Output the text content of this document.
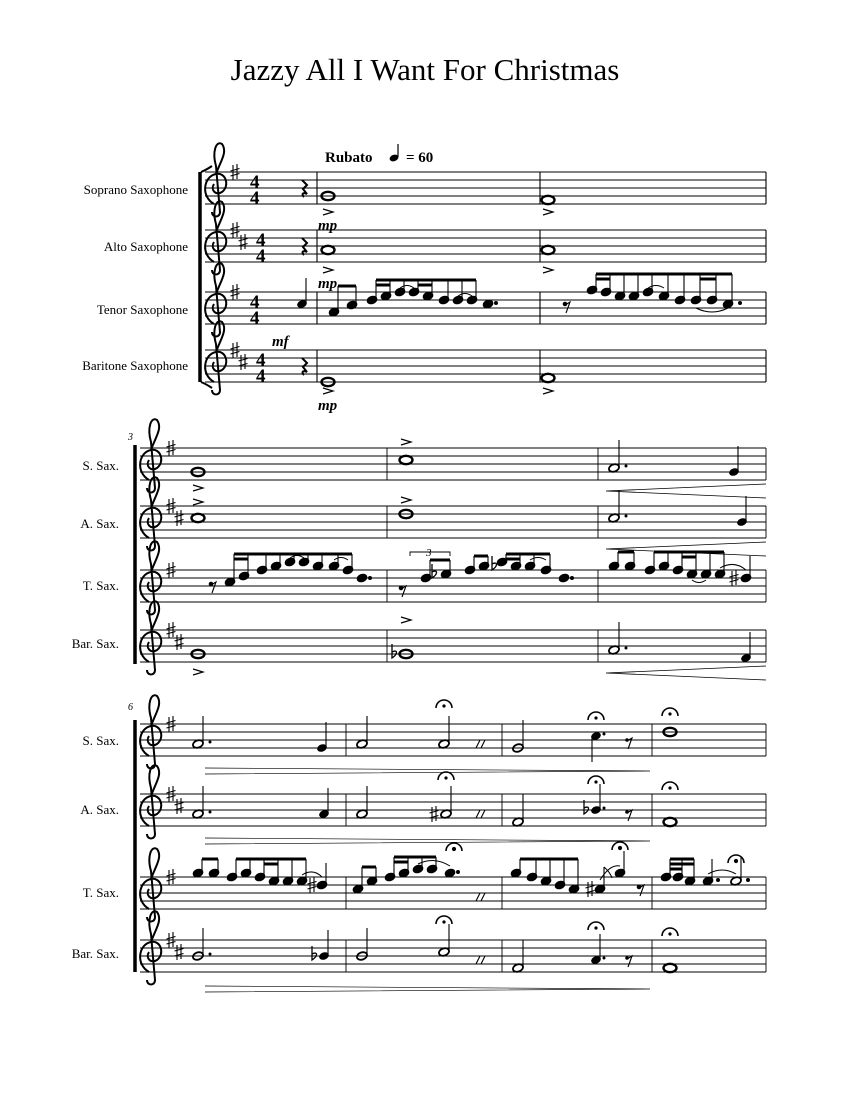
Jazzy All I Want For Christmas
Rubato = 60
Soprano Saxophone
Alto Saxophone
Tenor Saxophone
Baritone Saxophone
4
4
4
4
4
4
4
4
mp
mp
mf
mp
3
S. Sax.
A. Sax.
T. Sax.
Bar. Sax.
3
6
S. Sax.
A. Sax.
T. Sax.
Bar. Sax.
